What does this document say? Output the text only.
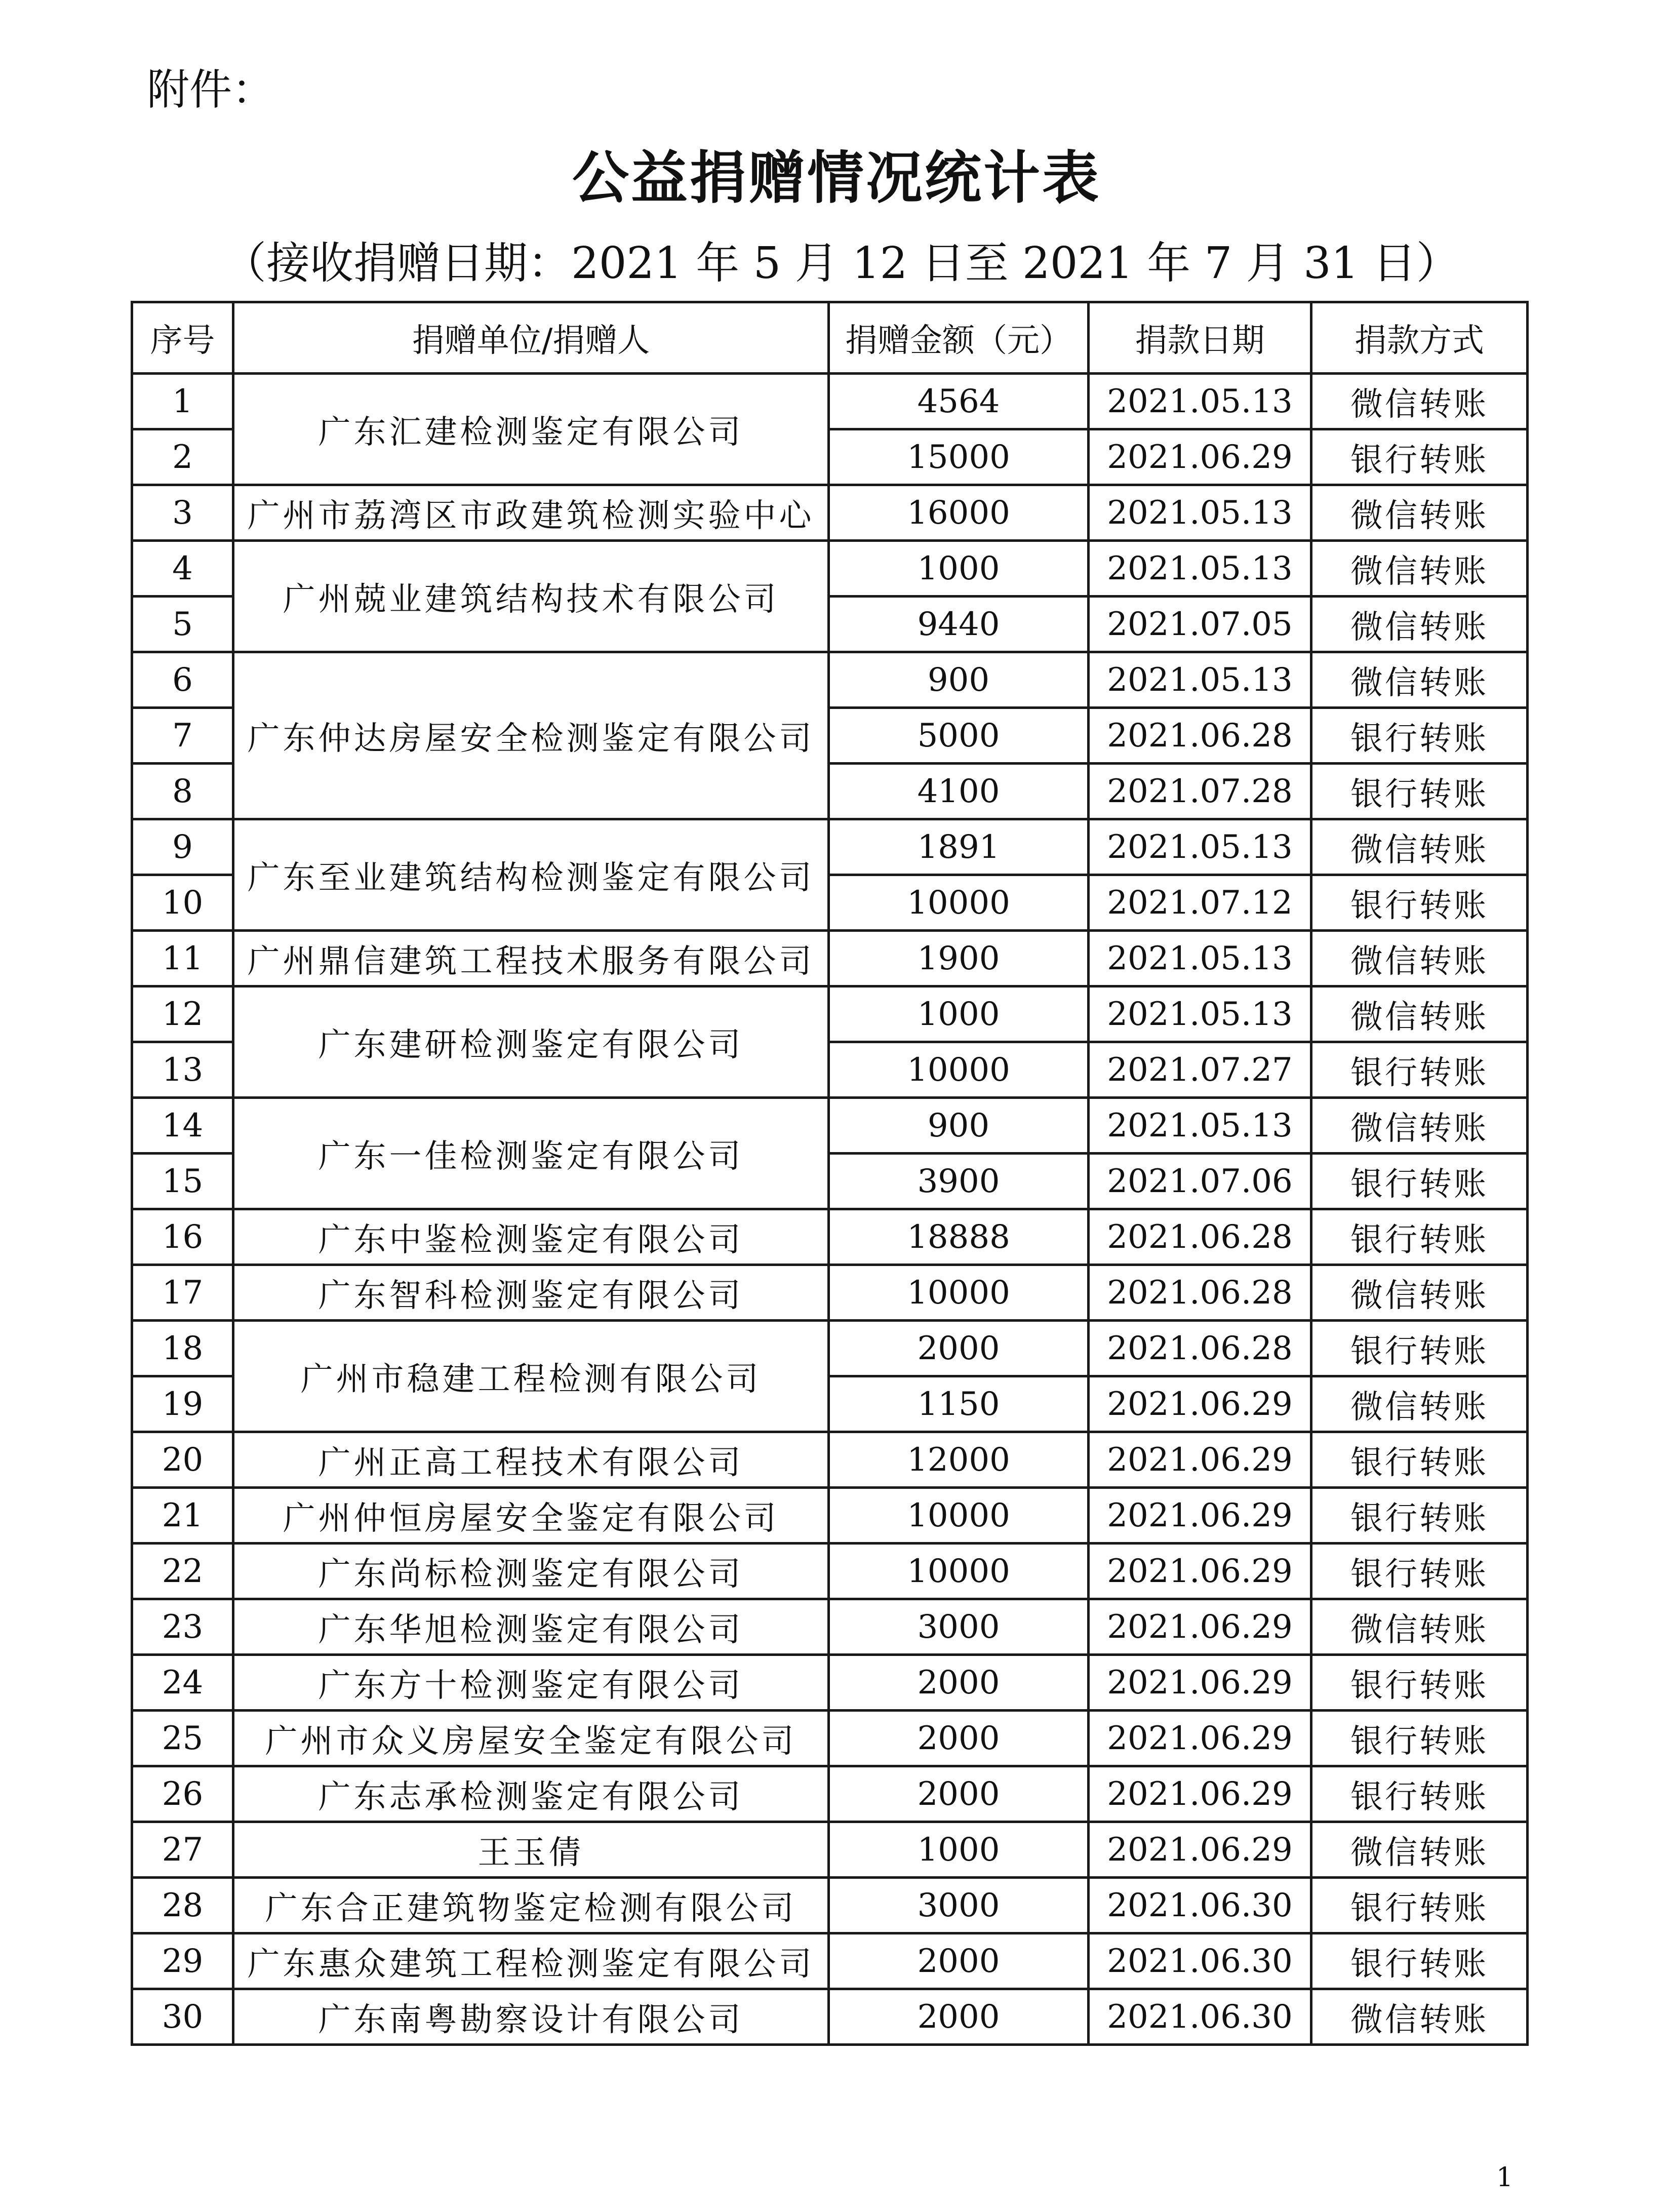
附件：
公益捐赠情况统计表
（接收捐赠日期：2021 年 5 月 12 日至 2021 年 7 月 31 日）
序号	捐赠单位/捐赠人	捐赠金额（元）	捐款日期	捐款方式
1	广东汇建检测鉴定有限公司	4564	2021.05.13	微信转账
2		15000	2021.06.29	银行转账
3	广州市荔湾区市政建筑检测实验中心	16000	2021.05.13	微信转账
4	广州兢业建筑结构技术有限公司	1000	2021.05.13	微信转账
5		9440	2021.07.05	微信转账
6	广东仲达房屋安全检测鉴定有限公司	900	2021.05.13	微信转账
7		5000	2021.06.28	银行转账
8		4100	2021.07.28	银行转账
9	广东至业建筑结构检测鉴定有限公司	1891	2021.05.13	微信转账
10		10000	2021.07.12	银行转账
11	广州鼎信建筑工程技术服务有限公司	1900	2021.05.13	微信转账
12	广东建研检测鉴定有限公司	1000	2021.05.13	微信转账
13		10000	2021.07.27	银行转账
14	广东一佳检测鉴定有限公司	900	2021.05.13	微信转账
15		3900	2021.07.06	银行转账
16	广东中鉴检测鉴定有限公司	18888	2021.06.28	银行转账
17	广东智科检测鉴定有限公司	10000	2021.06.28	微信转账
18	广州市稳建工程检测有限公司	2000	2021.06.28	银行转账
19		1150	2021.06.29	微信转账
20	广州正高工程技术有限公司	12000	2021.06.29	银行转账
21	广州仲恒房屋安全鉴定有限公司	10000	2021.06.29	银行转账
22	广东尚标检测鉴定有限公司	10000	2021.06.29	银行转账
23	广东华旭检测鉴定有限公司	3000	2021.06.29	微信转账
24	广东方十检测鉴定有限公司	2000	2021.06.29	银行转账
25	广州市众义房屋安全鉴定有限公司	2000	2021.06.29	银行转账
26	广东志承检测鉴定有限公司	2000	2021.06.29	银行转账
27	王玉倩	1000	2021.06.29	微信转账
28	广东合正建筑物鉴定检测有限公司	3000	2021.06.30	银行转账
29	广东惠众建筑工程检测鉴定有限公司	2000	2021.06.30	银行转账
30	广东南粤勘察设计有限公司	2000	2021.06.30	微信转账
1
